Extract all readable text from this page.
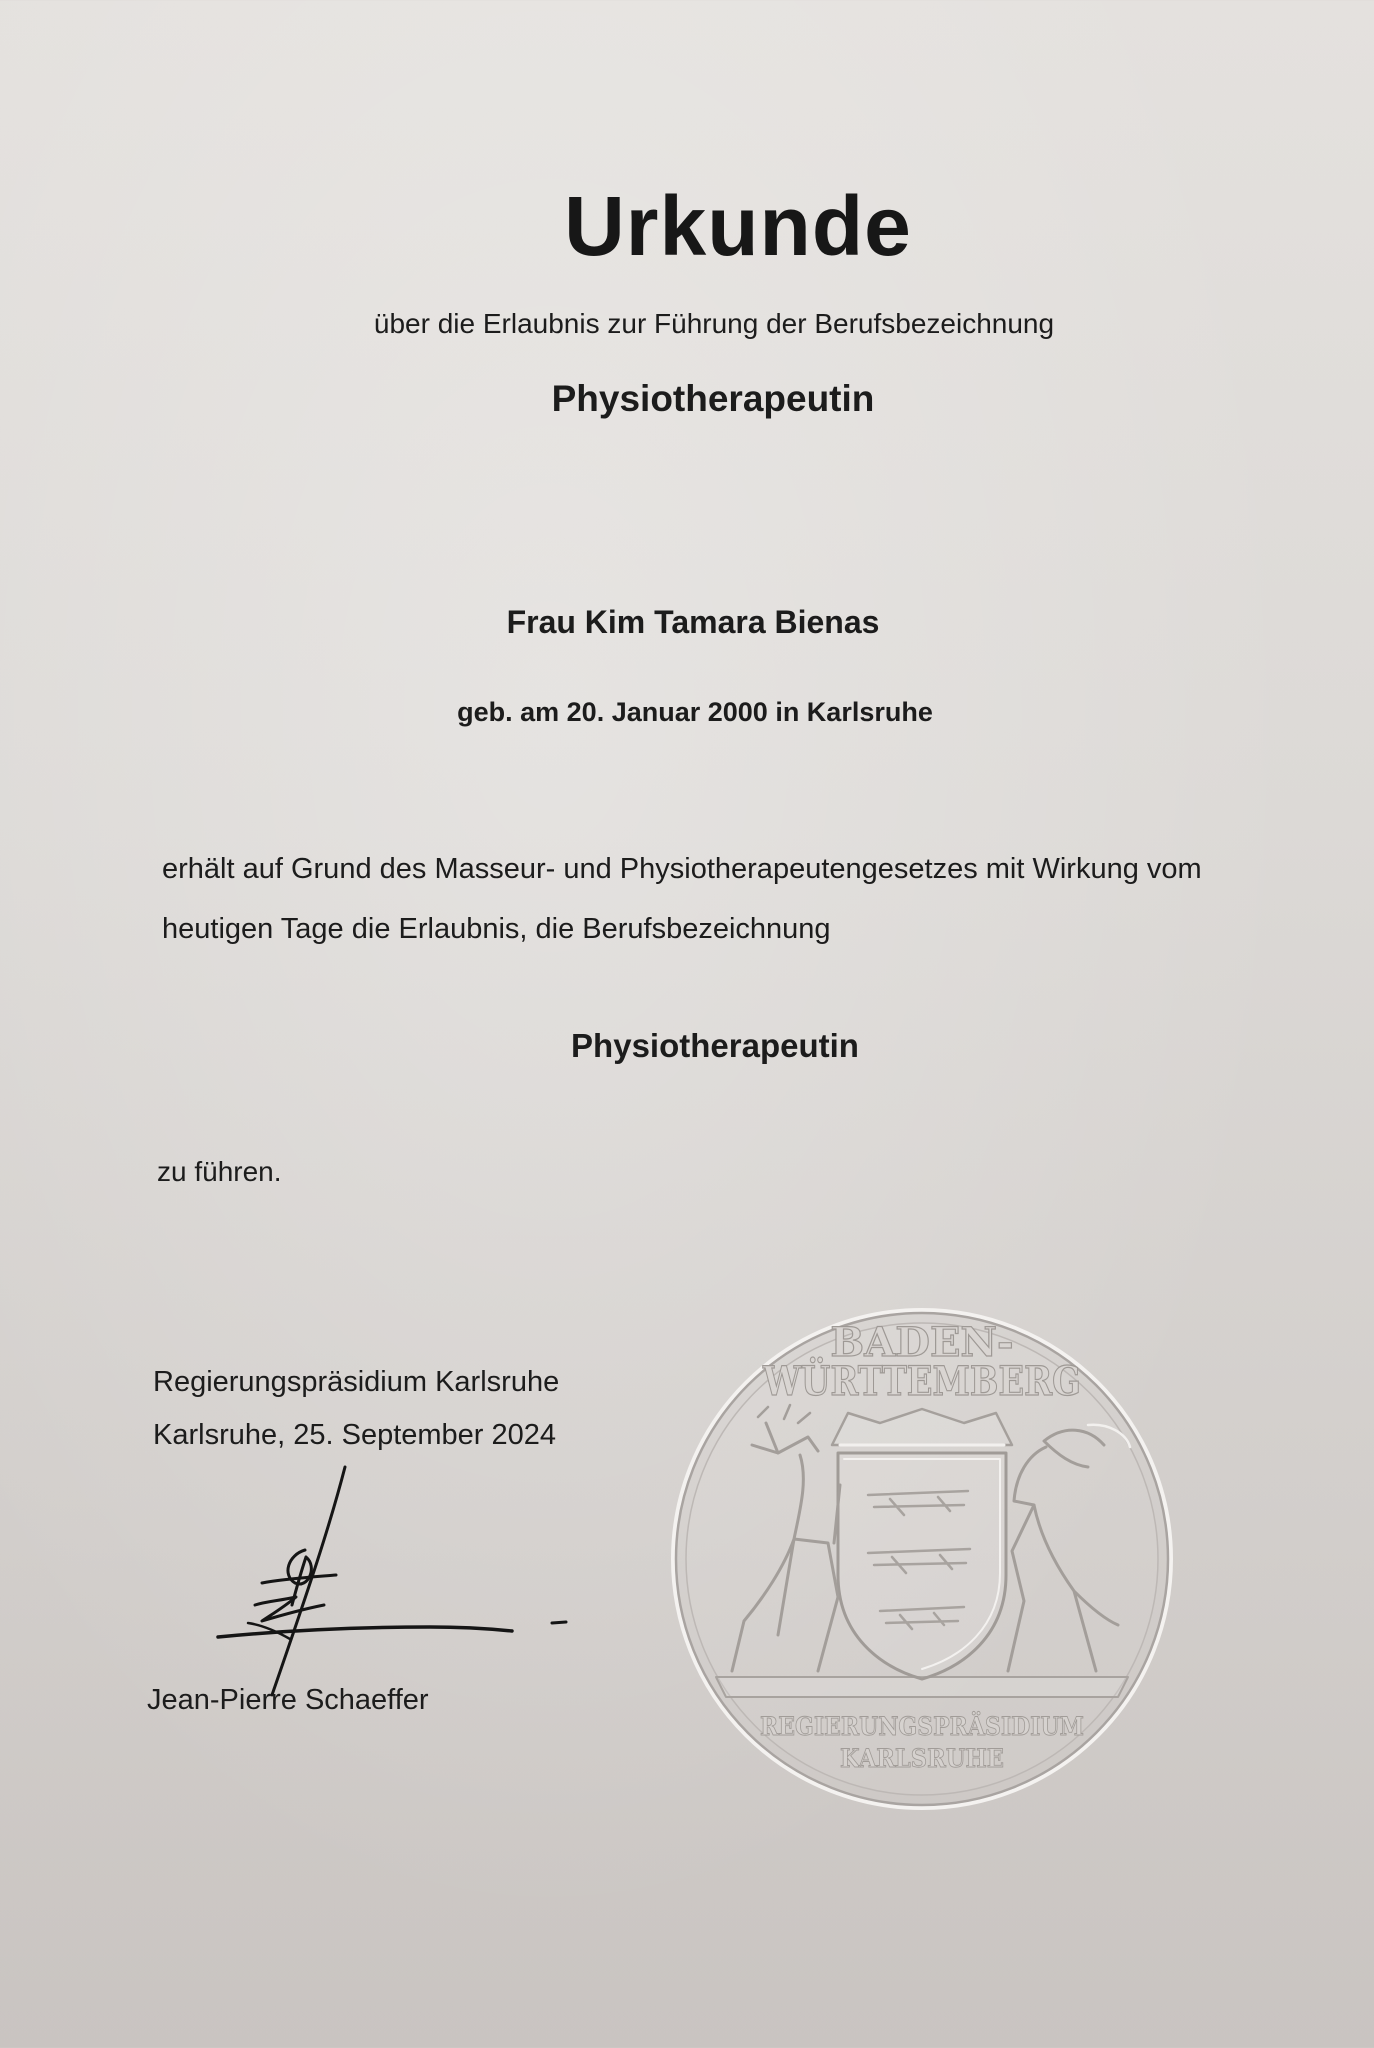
Urkunde
über die Erlaubnis zur Führung der Berufsbezeichnung
Physiotherapeutin
Frau Kim Tamara Bienas
geb. am 20. Januar 2000 in Karlsruhe
erhält auf Grund des Masseur- und Physiotherapeutengesetzes mit Wirkung vom
heutigen Tage die Erlaubnis, die Berufsbezeichnung
Physiotherapeutin
zu führen.
Regierungspräsidium Karlsruhe
Karlsruhe, 25. September 2024
Jean-Pierre Schaeffer
BADEN-
WÜRTTEMBERG
REGIERUNGSPRÄSIDIUM
KARLSRUHE
